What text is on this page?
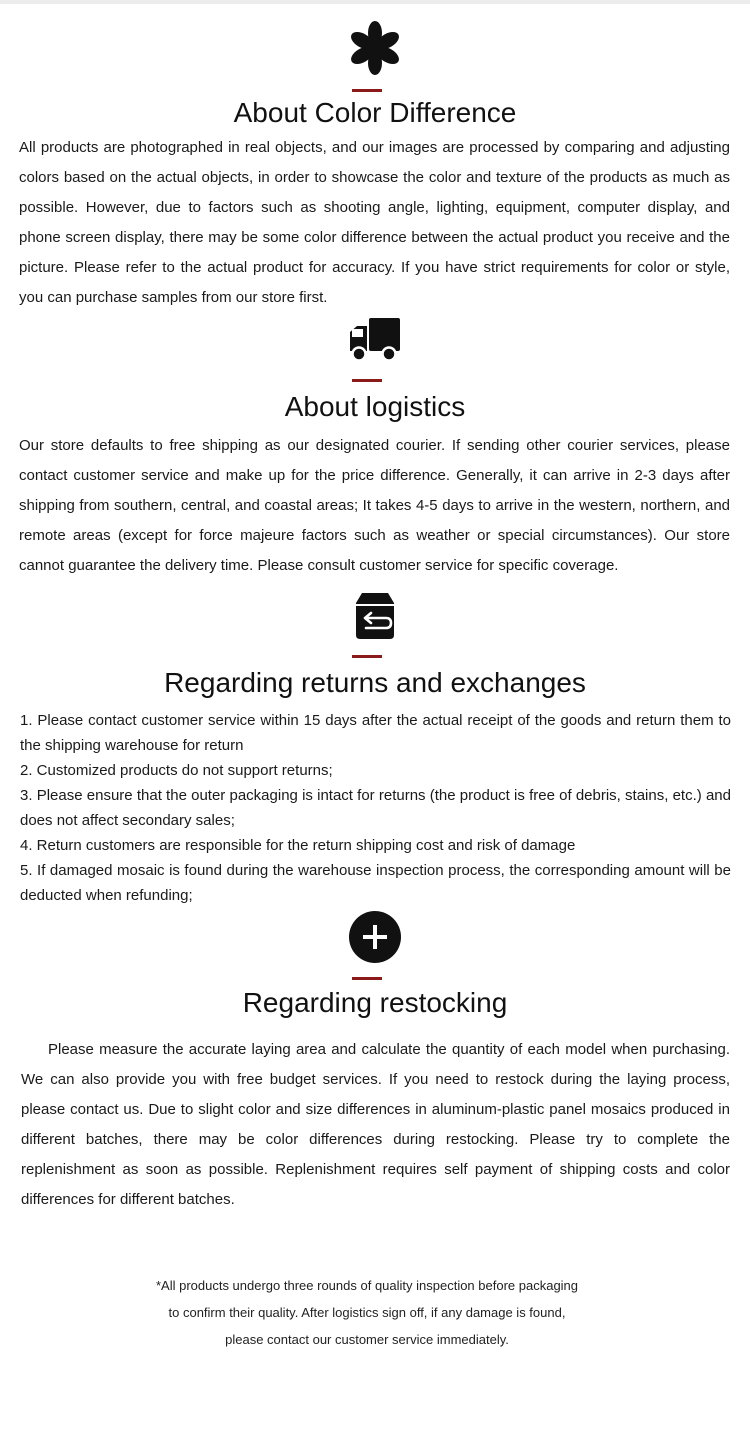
About Color Difference

All products are photographed in real objects, and our images are processed by comparing and adjusting colors based on the actual objects, in order to showcase the color and texture of the products as much as possible. However, due to factors such as shooting angle, lighting, equipment, computer display, and phone screen display, there may be some color difference between the actual product you receive and the picture. Please refer to the actual product for accuracy. If you have strict requirements for color or style, you can purchase samples from our store first.

About logistics

Our store defaults to free shipping as our designated courier. If sending other courier services, please contact customer service and make up for the price difference. Generally, it can arrive in 2-3 days after shipping from southern, central, and coastal areas; It takes 4-5 days to arrive in the western, northern, and remote areas (except for force majeure factors such as weather or special circumstances). Our store cannot guarantee the delivery time. Please consult customer service for specific coverage.

Regarding returns and exchanges
1. Please contact customer service within 15 days after the actual receipt of the goods and return them to the shipping warehouse for return
2. Customized products do not support returns;
3. Please ensure that the outer packaging is intact for returns (the product is free of debris, stains, etc.) and does not affect secondary sales;
4. Return customers are responsible for the return shipping cost and risk of damage
5. If damaged mosaic is found during the warehouse inspection process, the corresponding amount will be deducted when refunding;
Regarding restocking

Please measure the accurate laying area and calculate the quantity of each model when purchasing. We can also provide you with free budget services. If you need to restock during the laying process, please contact us. Due to slight color and size differences in aluminum-plastic panel mosaics produced in different batches, there may be color differences during restocking. Please try to complete the replenishment as soon as possible. Replenishment requires self payment of shipping costs and color differences for different batches.

*All products undergo three rounds of quality inspection before packaging to confirm their quality. After logistics sign off, if any damage is found, please contact our customer service immediately.
